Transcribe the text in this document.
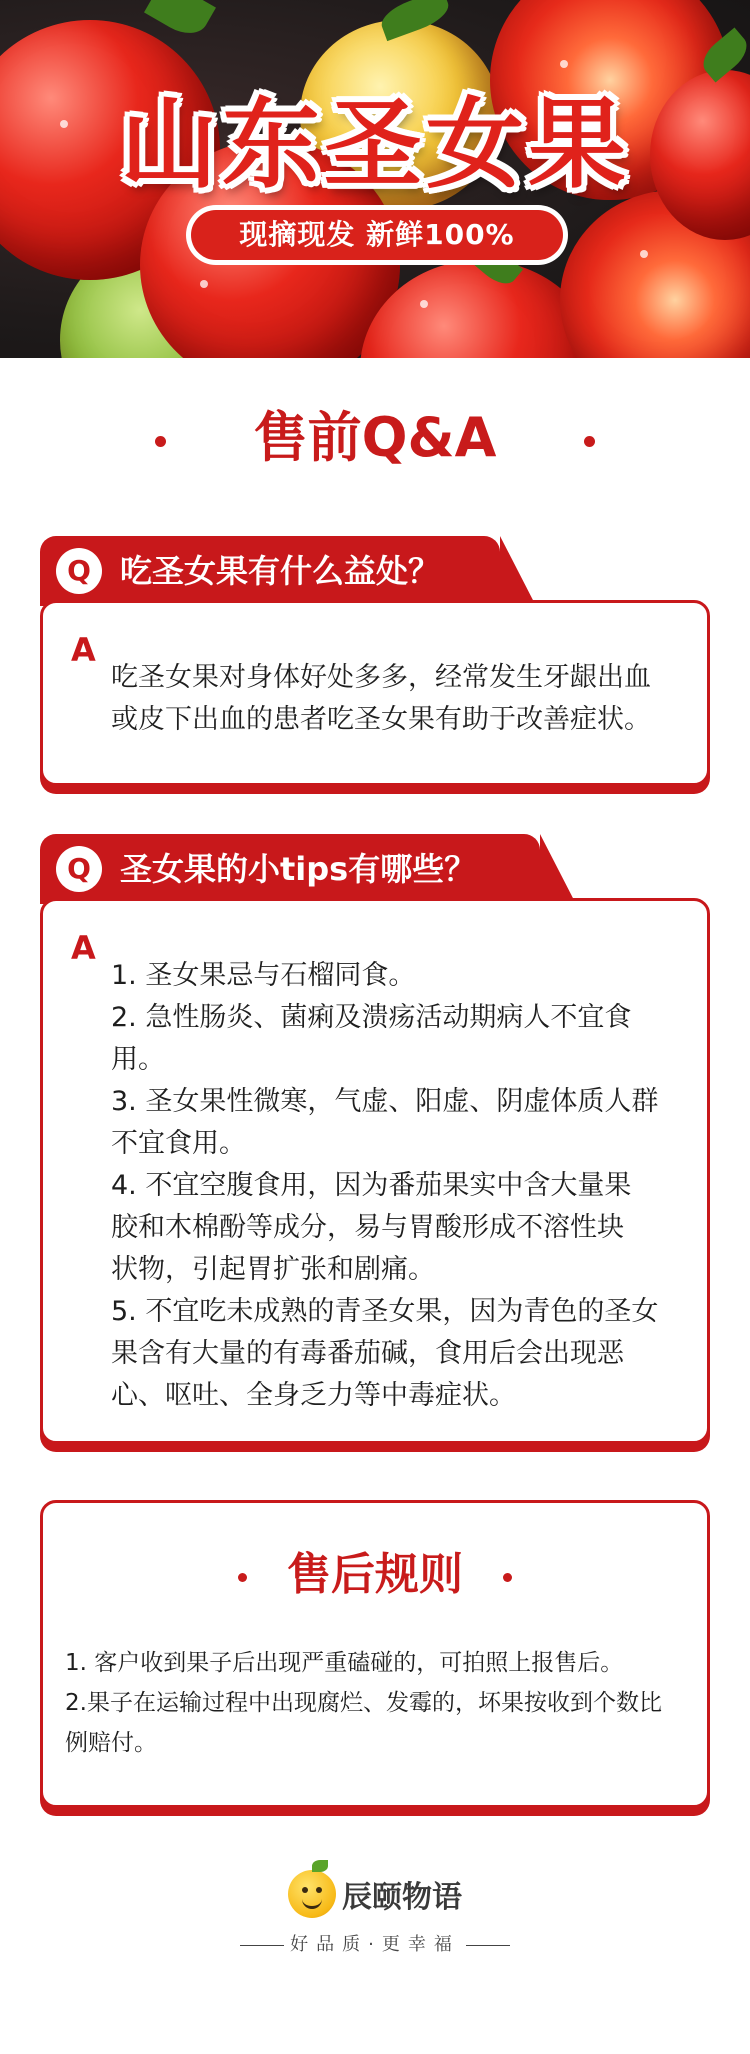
山东圣女果
现摘现发 新鲜100%
售前Q&A
Q 吃圣女果有什么益处？
A

吃圣女果对身体好处多多，经常发生牙龈出血

或皮下出血的患者吃圣女果有助于改善症状。

Q 圣女果的小tips有哪些？
A

1. 圣女果忌与石榴同食。

2. 急性肠炎、菌痢及溃疡活动期病人不宜食用。

3. 圣女果性微寒，气虚、阳虚、阴虚体质人群

不宜食用。

4. 不宜空腹食用，因为番茄果实中含大量果

胶和木棉酚等成分，易与胃酸形成不溶性块

状物，引起胃扩张和剧痛。

5. 不宜吃未成熟的青圣女果，因为青色的圣女

果含有大量的有毒番茄碱，食用后会出现恶

心、呕吐、全身乏力等中毒症状。

售后规则

1. 客户收到果子后出现严重磕碰的，可拍照上报售后。

2.果子在运输过程中出现腐烂、发霉的，坏果按收到个数比

例赔付。

辰颐物语
好品质·更幸福
